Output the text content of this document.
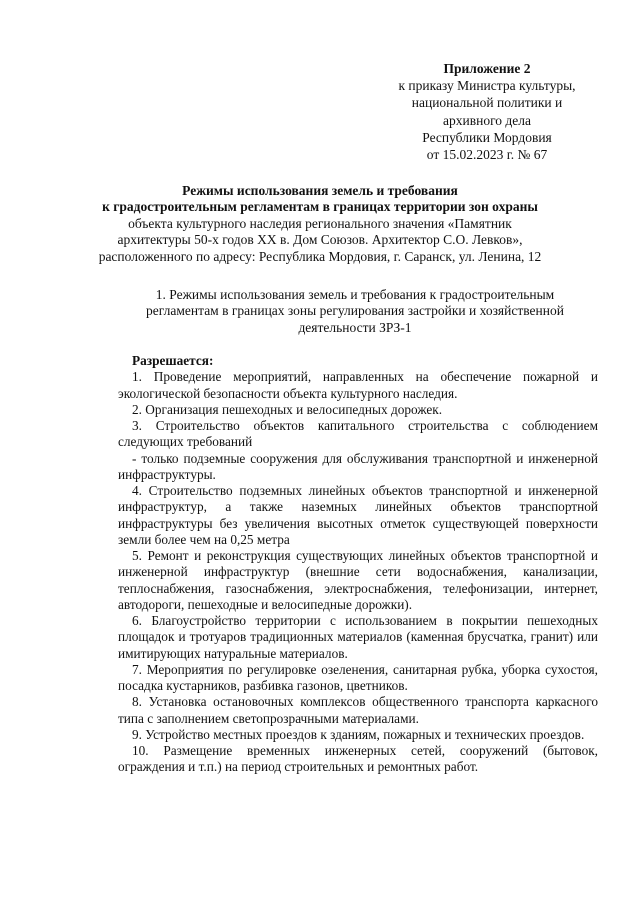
Приложение 2
к приказу Министра культуры,
национальной политики и
архивного дела
Республики Мордовия
от 15.02.2023 г. № 67
Режимы использования земель и требования
к градостроительным регламентам в границах территории зон охраны
объекта культурного наследия регионального значения «Памятник
архитектуры 50-х годов XX в. Дом Союзов. Архитектор С.О. Левков»,
расположенного по адресу: Республика Мордовия, г. Саранск, ул. Ленина, 12
1. Режимы использования земель и требования к градостроительным
регламентам в границах зоны регулирования застройки и хозяйственной
деятельности ЗРЗ-1

Разрешается:

1. Проведение мероприятий, направленных на обеспечение пожарной и экологической безопасности объекта культурного наследия.

2. Организация пешеходных и велосипедных дорожек.

3. Строительство объектов капитального строительства с соблюдением следующих требований

- только подземные сооружения для обслуживания транспортной и инженерной инфраструктуры.

4. Строительство подземных линейных объектов транспортной и инженерной инфраструктур, а также наземных линейных объектов транспортной инфраструктуры без увеличения высотных отметок существующей поверхности земли более чем на 0,25 метра

5. Ремонт и реконструкция существующих линейных объектов транспортной и инженерной инфраструктур (внешние сети водоснабжения, канализации, теплоснабжения, газоснабжения, электроснабжения, телефонизации, интернет, автодороги, пешеходные и велосипедные дорожки).

6. Благоустройство территории с использованием в покрытии пешеходных площадок и тротуаров традиционных материалов (каменная брусчатка, гранит) или имитирующих натуральные материалов.

7. Мероприятия по регулировке озеленения, санитарная рубка, уборка сухостоя, посадка кустарников, разбивка газонов, цветников.

8. Установка остановочных комплексов общественного транспорта каркасного типа с заполнением светопрозрачными материалами.

9. Устройство местных проездов к зданиям, пожарных и технических проездов.

10. Размещение временных инженерных сетей, сооружений (бытовок, ограждения и т.п.) на период строительных и ремонтных работ.
